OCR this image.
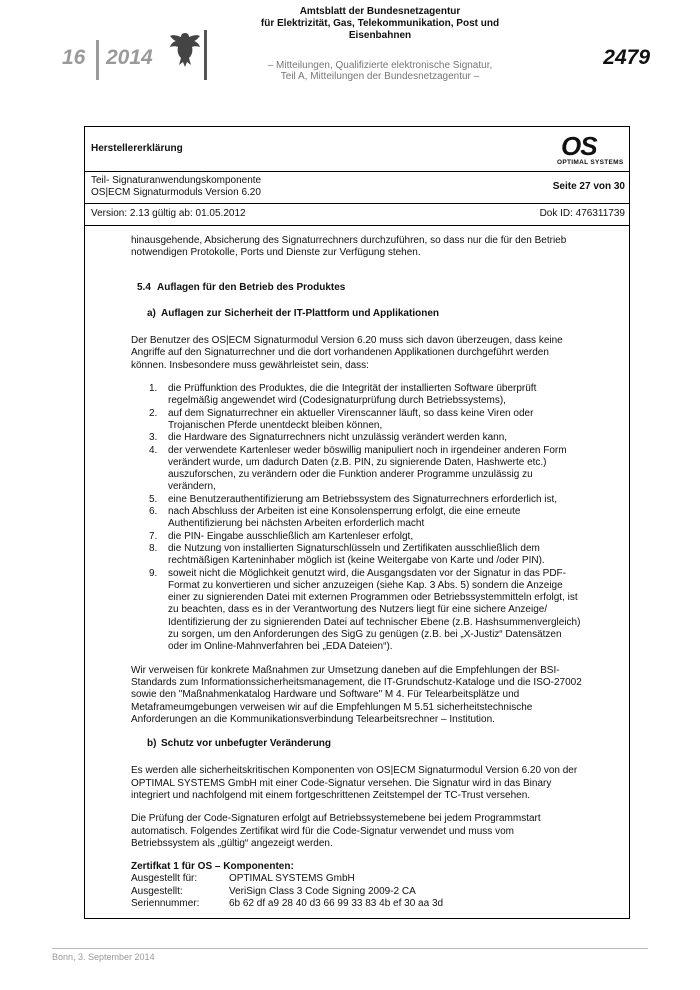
16 2014
Amtsblatt der Bundesnetzagentur
für Elektrizität, Gas, Telekommunikation, Post und Eisenbahnen
– Mitteilungen, Qualifizierte elektronische Signatur,
Teil A, Mitteilungen der Bundesnetzagentur –
2479
Herstellererklärung	OS
OPTIMAL SYSTEMS
Teil- Signaturanwendungskomponente
OS|ECM Signaturmoduls Version 6.20
Seite 27 von 30
Version: 2.13 gültig ab: 01.05.2012	Dok ID: 476311739

hinausgehende, Absicherung des Signaturrechners durchzuführen, so dass nur die für den Betrieb notwendigen Protokolle, Ports und Dienste zur Verfügung stehen.

5.4 Auflagen für den Betrieb des Produktes
a) Auflagen zur Sicherheit der IT-Plattform und Applikationen

Der Benutzer des OS|ECM Signaturmodul Version 6.20 muss sich davon überzeugen, dass keine Angriffe auf den Signaturrechner und die dort vorhandenen Applikationen durchgeführt werden können. Insbesondere muss gewährleistet sein, dass:

1. die Prüffunktion des Produktes, die die Integrität der installierten Software überprüft regelmäßig angewendet wird (Codesignaturprüfung durch Betriebssystems),
2. auf dem Signaturrechner ein aktueller Virenscanner läuft, so dass keine Viren oder Trojanischen Pferde unentdeckt bleiben können,
3. die Hardware des Signaturrechners nicht unzulässig verändert werden kann,
4. der verwendete Kartenleser weder böswillig manipuliert noch in irgendeiner anderen Form verändert wurde, um dadurch Daten (z.B. PIN, zu signierende Daten, Hashwerte etc.) auszuforschen, zu verändern oder die Funktion anderer Programme unzulässig zu verändern,
5. eine Benutzerauthentifizierung am Betriebssystem des Signaturrechners erforderlich ist,
6. nach Abschluss der Arbeiten ist eine Konsolensperrung erfolgt, die eine erneute Authentifizierung bei nächsten Arbeiten erforderlich macht
7. die PIN- Eingabe ausschließlich am Kartenleser erfolgt,
8. die Nutzung von installierten Signaturschlüsseln und Zertifikaten ausschließlich dem rechtmäßigen Karteninhaber möglich ist (keine Weitergabe von Karte und /oder PIN).
9. soweit nicht die Möglichkeit genutzt wird, die Ausgangsdaten vor der Signatur in das PDF-Format zu konvertieren und sicher anzuzeigen (siehe Kap. 3 Abs. 5) sondern die Anzeige einer zu signierenden Datei mit externen Programmen oder Betriebssystemmitteln erfolgt, ist zu beachten, dass es in der Verantwortung des Nutzers liegt für eine sichere Anzeige/ Identifizierung der zu signierenden Datei auf technischer Ebene (z.B. Hashsummenvergleich) zu sorgen, um den Anforderungen des SigG zu genügen (z.B. bei „X-Justiz“ Datensätzen oder im Online-Mahnverfahren bei „EDA Dateien“).

Wir verweisen für konkrete Maßnahmen zur Umsetzung daneben auf die Empfehlungen der BSI-Standards zum Informationssicherheitsmanagement, die IT-Grundschutz-Kataloge und die ISO-27002 sowie den "Maßnahmenkatalog Hardware und Software" M 4. Für Telearbeitsplätze und Metaframeumgebungen verweisen wir auf die Empfehlungen M 5.51 sicherheitstechnische Anforderungen an die Kommunikationsverbindung Telearbeitsrechner – Institution.

b) Schutz vor unbefugter Veränderung

Es werden alle sicherheitskritischen Komponenten von OS|ECM Signaturmodul Version 6.20 von der OPTIMAL SYSTEMS GmbH mit einer Code-Signatur versehen. Die Signatur wird in das Binary integriert und nachfolgend mit einem fortgeschrittenen Zeitstempel der TC-Trust versehen.

Die Prüfung der Code-Signaturen erfolgt auf Betriebssystemebene bei jedem Programmstart automatisch. Folgendes Zertifikat wird für die Code-Signatur verwendet und muss vom Betriebssystem als „gültig“ angezeigt werden.

Zertifkat 1 für OS – Komponenten:
Ausgestellt für:	OPTIMAL SYSTEMS GmbH
Ausgestellt:	VeriSign Class 3 Code Signing 2009-2 CA
Seriennummer:	6b 62 df a9 28 40 d3 66 99 33 83 4b ef 30 aa 3d
Bonn, 3. September 2014
